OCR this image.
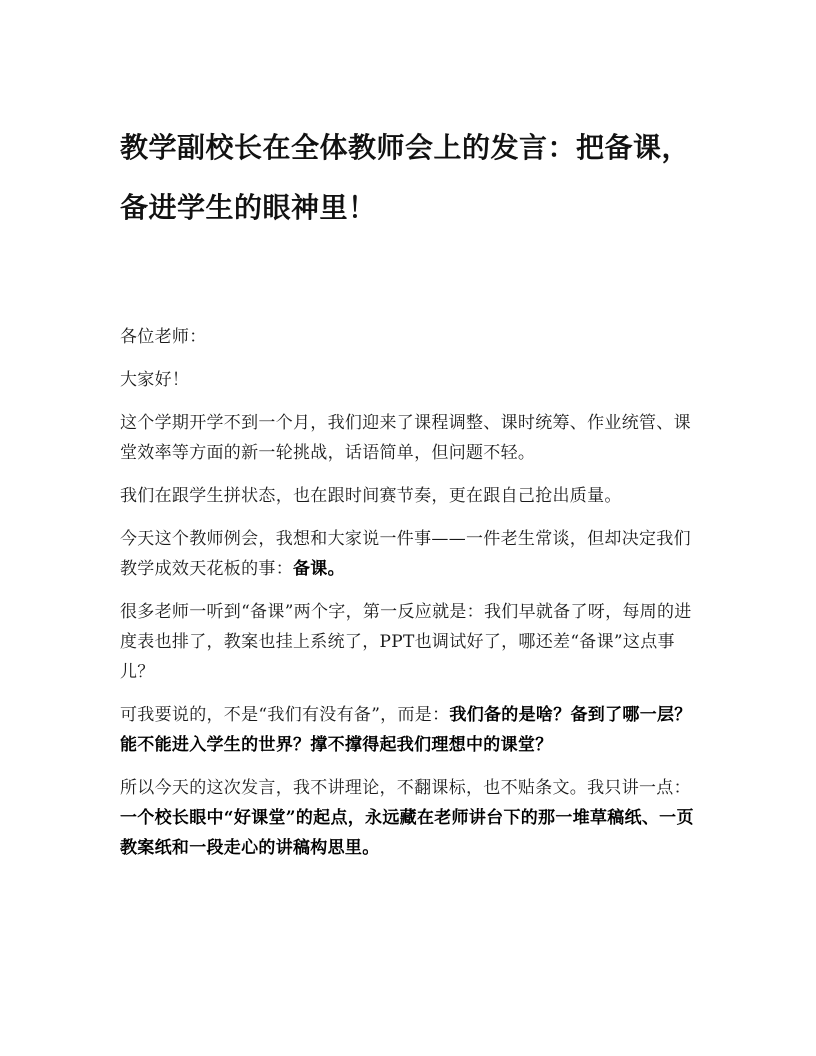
教学副校长在全体教师会上的发言：把备课，备进学生的眼神里！

各位老师：

大家好！

这个学期开学不到一个月，我们迎来了课程调整、课时统筹、作业统管、课堂效率等方面的新一轮挑战，话语简单，但问题不轻。

我们在跟学生拼状态，也在跟时间赛节奏，更在跟自己抢出质量。

今天这个教师例会，我想和大家说一件事——一件老生常谈，但却决定我们教学成效天花板的事：备课。

很多老师一听到“备课”两个字，第一反应就是：我们早就备了呀，每周的进度表也排了，教案也挂上系统了，PPT也调试好了，哪还差“备课”这点事儿？

可我要说的，不是“我们有没有备”，而是：我们备的是啥？备到了哪一层？能不能进入学生的世界？撑不撑得起我们理想中的课堂？

所以今天的这次发言，我不讲理论，不翻课标，也不贴条文。我只讲一点：一个校长眼中“好课堂”的起点，永远藏在老师讲台下的那一堆草稿纸、一页教案纸和一段走心的讲稿构思里。
